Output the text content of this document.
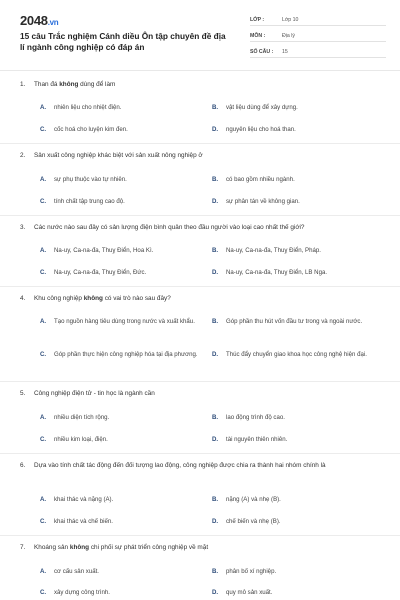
2048.vn
15 câu Trắc nghiệm Cánh diều Ôn tập chuyên đề địa lí ngành công nghiệp có đáp án
LỚP :	Lớp 10
MÔN :	Địa lý
SỐ CÂU :	15
1.	Than đá không dùng để làm
A.	nhiên liệu cho nhiệt điện.	B.	vật liệu dùng để xây dựng.
C.	cốc hoá cho luyện kim đen.	D.	nguyên liệu cho hoá than.
2.	Sản xuất công nghiệp khác biệt với sản xuất nông nghiệp ở
A.	sự phụ thuộc vào tự nhiên.	B.	có bao gồm nhiều ngành.
C.	tính chất tập trung cao độ.	D.	sự phân tán về không gian.
3.	Các nước nào sau đây có sản lượng điện bình quân theo đầu người vào loại cao nhất thế giới?
A.	Na-uy, Ca-na-đa, Thuỵ Điển, Hoa Kì.	B.	Na-uy, Ca-na-đa, Thuỵ Điển, Pháp.
C.	Na-uy, Ca-na-đa, Thuỵ Điển, Đức.	D.	Na-uy, Ca-na-đa, Thuỵ Điển, LB Nga.
4.	Khu công nghiệp không có vai trò nào sau đây?
A.	Tạo nguồn hàng tiêu dùng trong nước và xuất khẩu.	B.	Góp phần thu hút vốn đầu tư trong và ngoài nước.
C.	Góp phần thực hiện công nghiệp hóa tại địa phương. D.	Thúc đẩy chuyển giao khoa học công nghệ hiện đại.
5.	Công nghiệp điện tử - tin học là ngành cần
A.	nhiều diện tích rộng.	B.	lao động trình độ cao.
C.	nhiều kim loại, điện.	D.	tài nguyên thiên nhiên.
6.	Dựa vào tính chất tác động đến đối tượng lao động, công nghiệp được chia ra thành hai nhóm chính là
A.	khai thác và nặng (A).	B.	nặng (A) và nhẹ (B).
C.	khai thác và chế biến.	D.	chế biến và nhẹ (B).
7.	Khoáng sản không chi phối sự phát triển công nghiệp về mặt
A.	cơ cấu sản xuất.	B.	phân bố xí nghiệp.
C.	xây dựng công trình.	D.	quy mô sản xuất.
